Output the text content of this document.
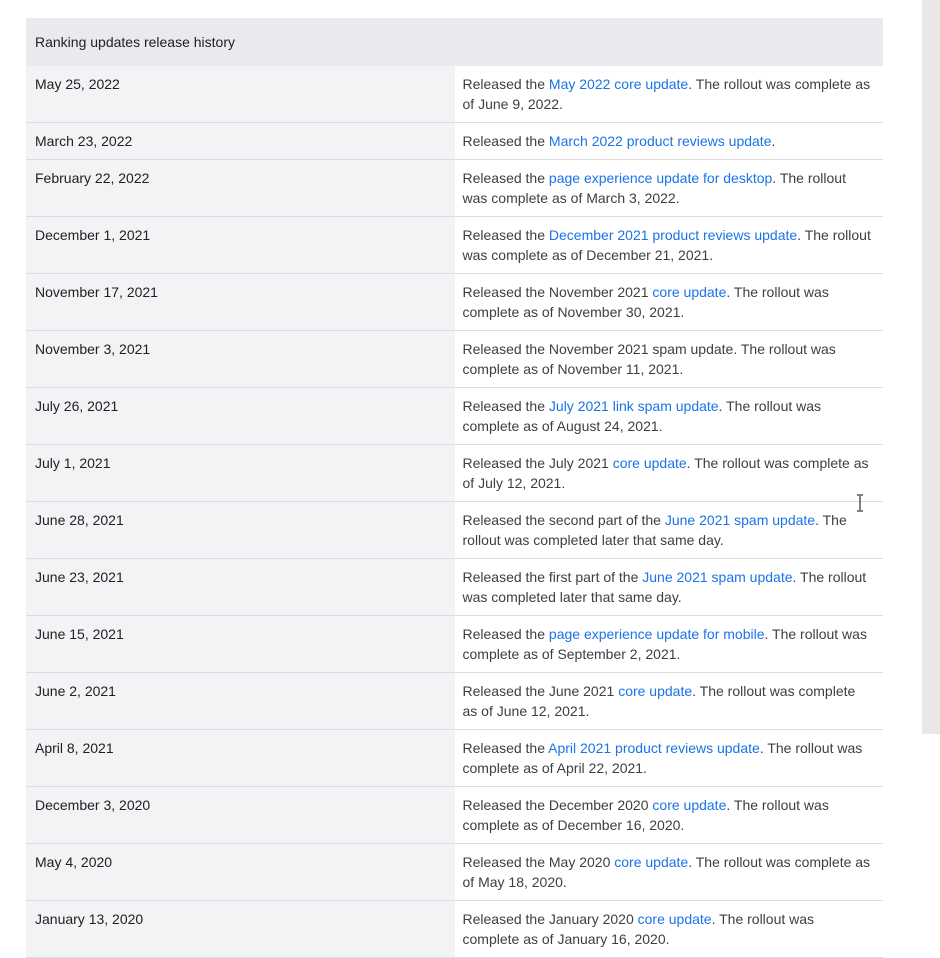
Ranking updates release history	
May 25, 2022	Released the May 2022 core update. The rollout was complete as of June 9, 2022.
March 23, 2022	Released the March 2022 product reviews update.
February 22, 2022	Released the page experience update for desktop. The rollout was complete as of March 3, 2022.
December 1, 2021	Released the December 2021 product reviews update. The rollout was complete as of December 21, 2021.
November 17, 2021	Released the November 2021 core update. The rollout was complete as of November 30, 2021.
November 3, 2021	Released the November 2021 spam update. The rollout was complete as of November 11, 2021.
July 26, 2021	Released the July 2021 link spam update. The rollout was complete as of August 24, 2021.
July 1, 2021	Released the July 2021 core update. The rollout was complete as of July 12, 2021.
June 28, 2021	Released the second part of the June 2021 spam update. The rollout was completed later that same day.
June 23, 2021	Released the first part of the June 2021 spam update. The rollout was completed later that same day.
June 15, 2021	Released the page experience update for mobile. The rollout was complete as of September 2, 2021.
June 2, 2021	Released the June 2021 core update. The rollout was complete as of June 12, 2021.
April 8, 2021	Released the April 2021 product reviews update. The rollout was complete as of April 22, 2021.
December 3, 2020	Released the December 2020 core update. The rollout was complete as of December 16, 2020.
May 4, 2020	Released the May 2020 core update. The rollout was complete as of May 18, 2020.
January 13, 2020	Released the January 2020 core update. The rollout was complete as of January 16, 2020.
